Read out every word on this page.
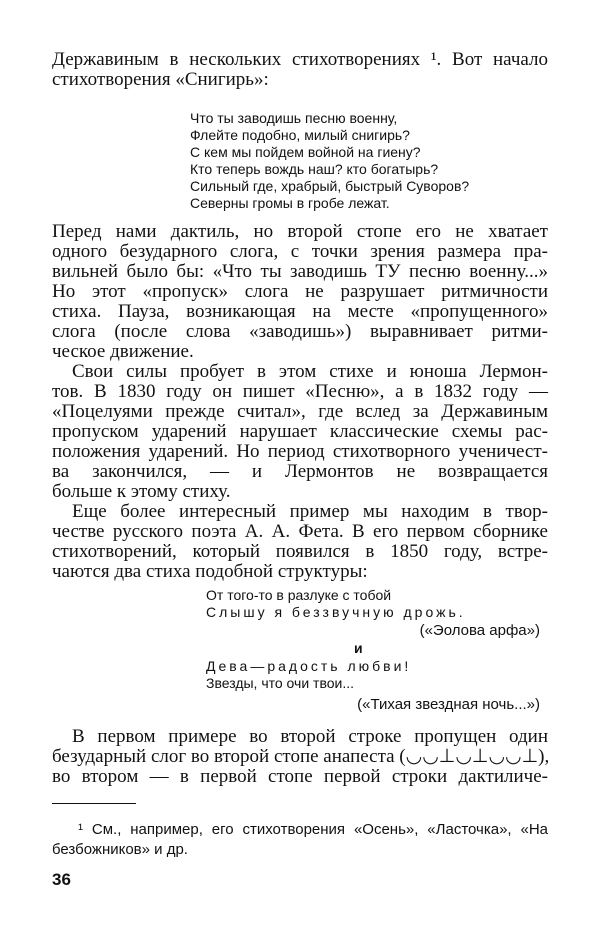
Державиным в нескольких стихотворениях ¹. Вот начало
стихотворения «Снигирь»:
Что ты заводишь песню военну,
Флейте подобно, милый снигирь?
С кем мы пойдем войной на гиену?
Кто теперь вождь наш? кто богатырь?
Сильный где, храбрый, быстрый Суворов?
Северны громы в гробе лежат.
Перед нами дактиль, но второй стопе его не хватает
одного безударного слога, с точки зрения размера пра-
вильней было бы: «Что ты заводишь ТУ песню военну...»
Но этот «пропуск» слога не разрушает ритмичности
стиха. Пауза, возникающая на месте «пропущенного»
слога (после слова «заводишь») выравнивает ритми-
ческое движение.
Свои силы пробует в этом стихе и юноша Лермон-
тов. В 1830 году он пишет «Песню», а в 1832 году —
«Поцелуями прежде считал», где вслед за Державиным
пропуском ударений нарушает классические схемы рас-
положения ударений. Но период стихотворного ученичест-
ва закончился, — и Лермонтов не возвращается
больше к этому стиху.
Еще более интересный пример мы находим в твор-
честве русского поэта А. А. Фета. В его первом сборнике
стихотворений, который появился в 1850 году, встре-
чаются два стиха подобной структуры:
От того-то в разлуке с тобой
Слышу я беззвучную дрожь.
(«Эолова арфа»)
и
Дева—радость любви!
Звезды, что очи твои...
(«Тихая звездная ночь...»)
В первом примере во второй строке пропущен один
безударный слог во второй стопе анапеста (◡◡⊥◡⊥◡◡⊥),
во втором — в первой стопе первой строки дактиличе-
¹ См., например, его стихотворения «Осень», «Ласточка», «На
безбожников» и др.
36
